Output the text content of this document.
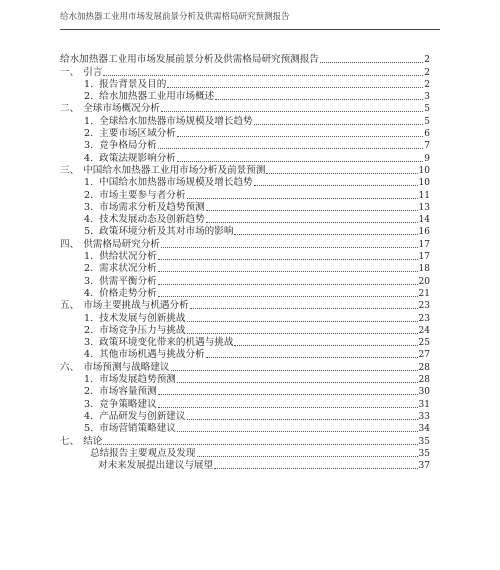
给水加热器工业用市场发展前景分析及供需格局研究预测报告
给水加热器工业用市场发展前景分析及供需格局研究预测报告	2
一、 引言	2
1. 报告背景及目的	2
2. 给水加热器工业用市场概述	3
二、 全球市场概况分析	5
1. 全球给水加热器市场规模及增长趋势	5
2. 主要市场区域分析	6
3. 竞争格局分析	7
4. 政策法规影响分析	9
三、 中国给水加热器工业用市场分析及前景预测	10
1. 中国给水加热器市场规模及增长趋势	10
2. 市场主要参与者分析	11
3. 市场需求分析及趋势预测	13
4. 技术发展动态及创新趋势	14
5. 政策环境分析及其对市场的影响	16
四、 供需格局研究分析	17
1. 供给状况分析	17
2. 需求状况分析	18
3. 供需平衡分析	20
4. 价格走势分析	21
五、 市场主要挑战与机遇分析	23
1. 技术发展与创新挑战	23
2. 市场竞争压力与挑战	24
3. 政策环境变化带来的机遇与挑战	25
4. 其他市场机遇与挑战分析	27
六、 市场预测与战略建议	28
1. 市场发展趋势预测	28
2. 市场容量预测	30
3. 竞争策略建议	31
4. 产品研发与创新建议	33
5. 市场营销策略建议	34
七、 结论	35
总结报告主要观点及发现	35
对未来发展提出建议与展望	37
